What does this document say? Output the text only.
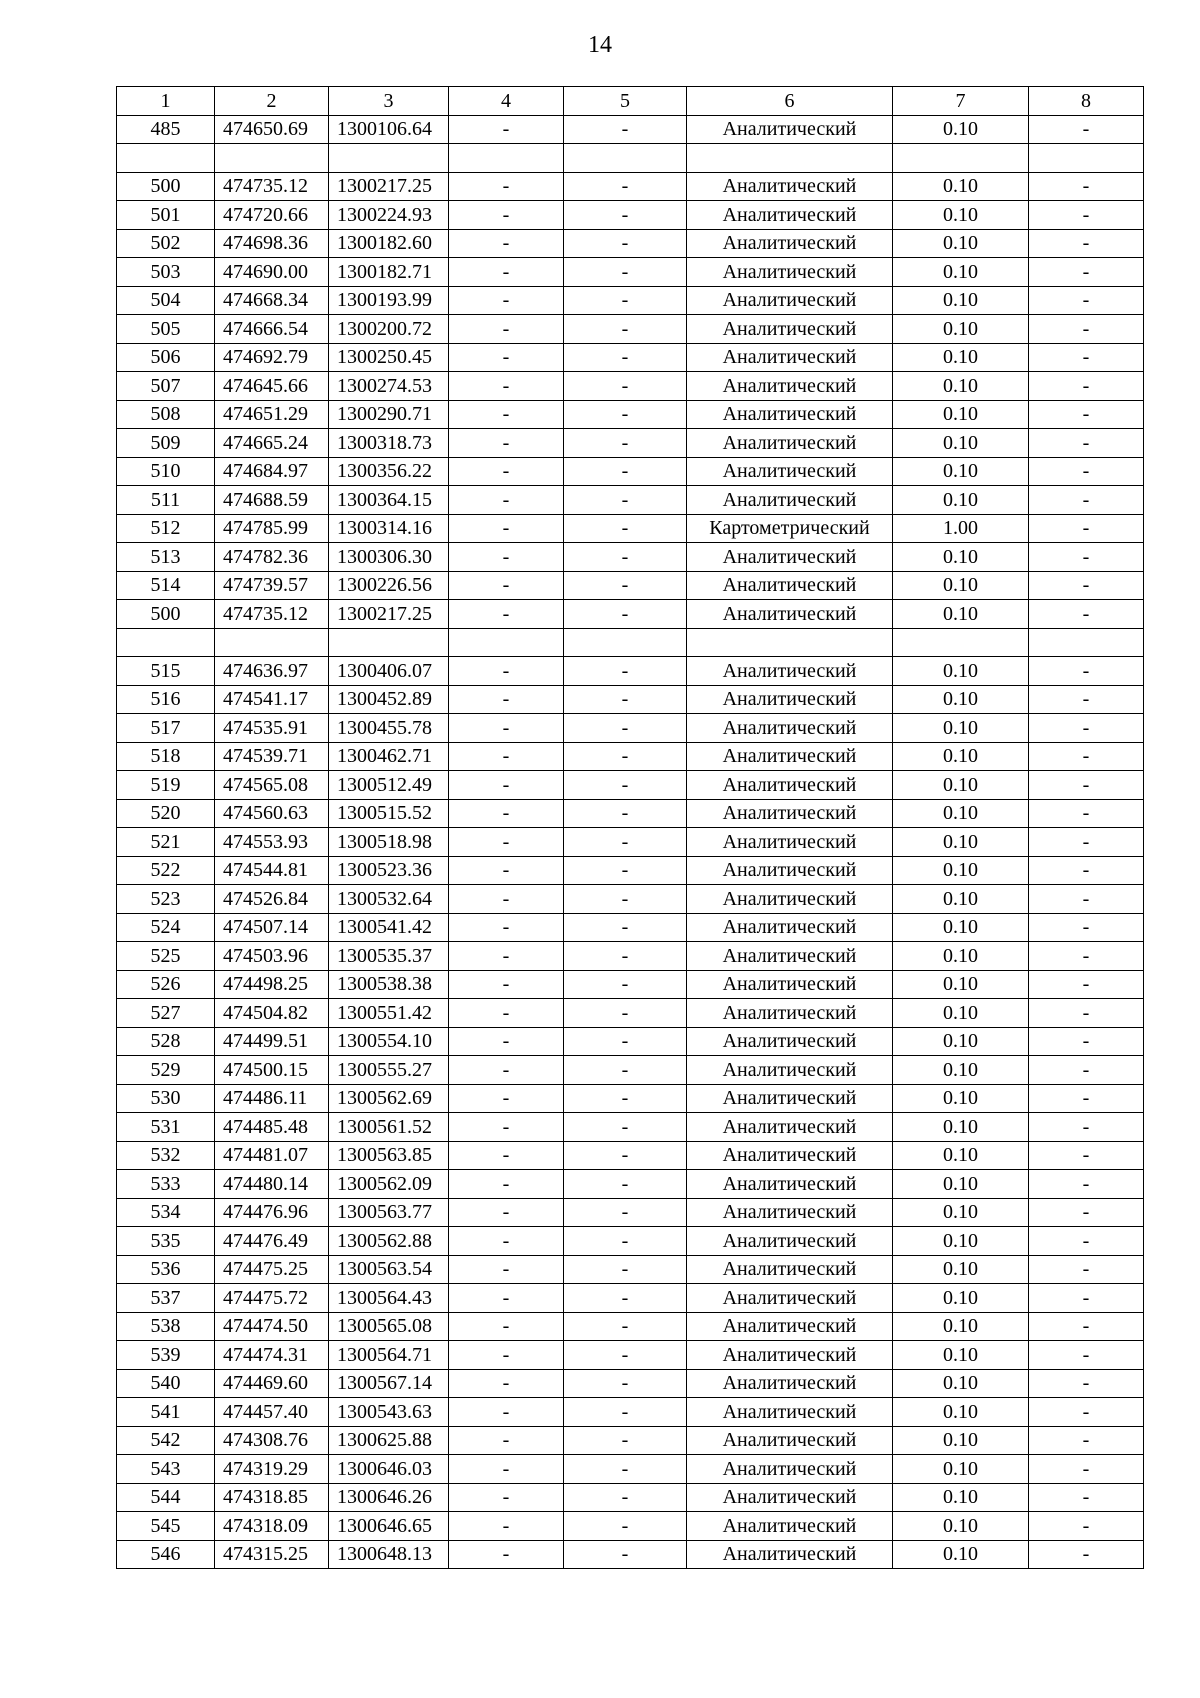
14
1	2	3	4	5	6	7	8
485	474650.69	1300106.64	-	-	Аналитический	0.10	-

500	474735.12	1300217.25	-	-	Аналитический	0.10	-
501	474720.66	1300224.93	-	-	Аналитический	0.10	-
502	474698.36	1300182.60	-	-	Аналитический	0.10	-
503	474690.00	1300182.71	-	-	Аналитический	0.10	-
504	474668.34	1300193.99	-	-	Аналитический	0.10	-
505	474666.54	1300200.72	-	-	Аналитический	0.10	-
506	474692.79	1300250.45	-	-	Аналитический	0.10	-
507	474645.66	1300274.53	-	-	Аналитический	0.10	-
508	474651.29	1300290.71	-	-	Аналитический	0.10	-
509	474665.24	1300318.73	-	-	Аналитический	0.10	-
510	474684.97	1300356.22	-	-	Аналитический	0.10	-
511	474688.59	1300364.15	-	-	Аналитический	0.10	-
512	474785.99	1300314.16	-	-	Картометрический	1.00	-
513	474782.36	1300306.30	-	-	Аналитический	0.10	-
514	474739.57	1300226.56	-	-	Аналитический	0.10	-
500	474735.12	1300217.25	-	-	Аналитический	0.10	-

515	474636.97	1300406.07	-	-	Аналитический	0.10	-
516	474541.17	1300452.89	-	-	Аналитический	0.10	-
517	474535.91	1300455.78	-	-	Аналитический	0.10	-
518	474539.71	1300462.71	-	-	Аналитический	0.10	-
519	474565.08	1300512.49	-	-	Аналитический	0.10	-
520	474560.63	1300515.52	-	-	Аналитический	0.10	-
521	474553.93	1300518.98	-	-	Аналитический	0.10	-
522	474544.81	1300523.36	-	-	Аналитический	0.10	-
523	474526.84	1300532.64	-	-	Аналитический	0.10	-
524	474507.14	1300541.42	-	-	Аналитический	0.10	-
525	474503.96	1300535.37	-	-	Аналитический	0.10	-
526	474498.25	1300538.38	-	-	Аналитический	0.10	-
527	474504.82	1300551.42	-	-	Аналитический	0.10	-
528	474499.51	1300554.10	-	-	Аналитический	0.10	-
529	474500.15	1300555.27	-	-	Аналитический	0.10	-
530	474486.11	1300562.69	-	-	Аналитический	0.10	-
531	474485.48	1300561.52	-	-	Аналитический	0.10	-
532	474481.07	1300563.85	-	-	Аналитический	0.10	-
533	474480.14	1300562.09	-	-	Аналитический	0.10	-
534	474476.96	1300563.77	-	-	Аналитический	0.10	-
535	474476.49	1300562.88	-	-	Аналитический	0.10	-
536	474475.25	1300563.54	-	-	Аналитический	0.10	-
537	474475.72	1300564.43	-	-	Аналитический	0.10	-
538	474474.50	1300565.08	-	-	Аналитический	0.10	-
539	474474.31	1300564.71	-	-	Аналитический	0.10	-
540	474469.60	1300567.14	-	-	Аналитический	0.10	-
541	474457.40	1300543.63	-	-	Аналитический	0.10	-
542	474308.76	1300625.88	-	-	Аналитический	0.10	-
543	474319.29	1300646.03	-	-	Аналитический	0.10	-
544	474318.85	1300646.26	-	-	Аналитический	0.10	-
545	474318.09	1300646.65	-	-	Аналитический	0.10	-
546	474315.25	1300648.13	-	-	Аналитический	0.10	-
